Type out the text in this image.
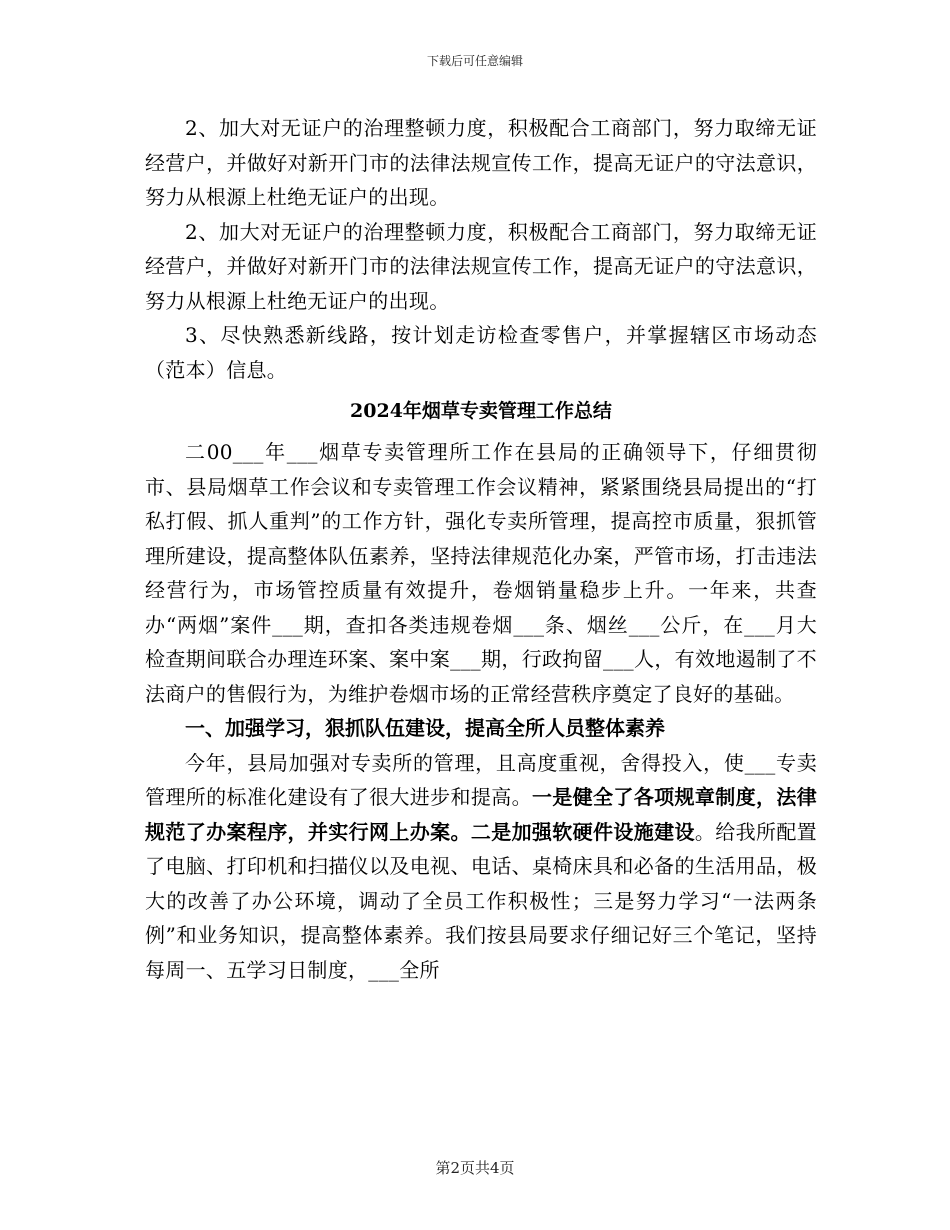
下载后可任意编辑

2、加大对无证户的治理整顿力度，积极配合工商部门，努力取缔无证经营户，并做好对新开门市的法律法规宣传工作，提高无证户的守法意识，努力从根源上杜绝无证户的出现。

2、加大对无证户的治理整顿力度，积极配合工商部门，努力取缔无证经营户，并做好对新开门市的法律法规宣传工作，提高无证户的守法意识，努力从根源上杜绝无证户的出现。

3、尽快熟悉新线路，按计划走访检查零售户，并掌握辖区市场动态（范本）信息。

2024年烟草专卖管理工作总结

二00___年___烟草专卖管理所工作在县局的正确领导下，仔细贯彻市、县局烟草工作会议和专卖管理工作会议精神，紧紧围绕县局提出的“打私打假、抓人重判”的工作方针，强化专卖所管理，提高控市质量，狠抓管理所建设，提高整体队伍素养，坚持法律规范化办案，严管市场，打击违法经营行为，市场管控质量有效提升，卷烟销量稳步上升。一年来，共查办“两烟”案件___期，查扣各类违规卷烟___条、烟丝___公斤，在___月大检查期间联合办理连环案、案中案___期，行政拘留___人，有效地遏制了不法商户的售假行为，为维护卷烟市场的正常经营秩序奠定了良好的基础。

一、加强学习，狠抓队伍建设，提高全所人员整体素养

今年，县局加强对专卖所的管理，且高度重视，舍得投入，使___专卖管理所的标准化建设有了很大进步和提高。一是健全了各项规章制度，法律规范了办案程序，并实行网上办案。二是加强软硬件设施建设。给我所配置了电脑、打印机和扫描仪以及电视、电话、桌椅床具和必备的生活用品，极大的改善了办公环境，调动了全员工作积极性；三是努力学习“一法两条例”和业务知识，提高整体素养。我们按县局要求仔细记好三个笔记，坚持每周一、五学习日制度，___全所

第2页共4页
